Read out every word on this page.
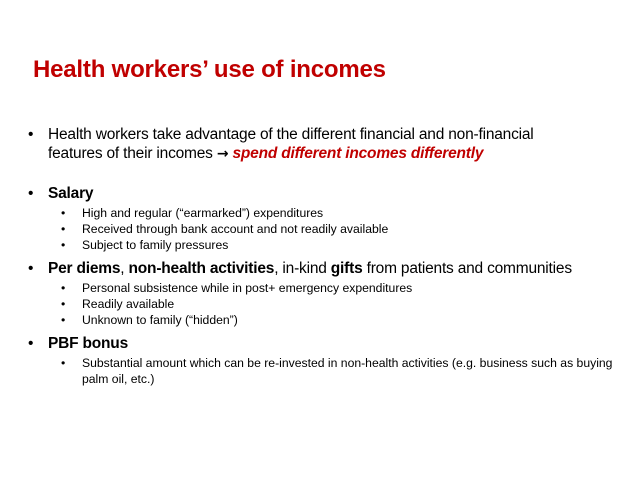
Health workers’ use of incomes
• Health workers take advantage of the different financial and non-financial features of their incomes → spend different incomes differently
• Salary
• High and regular (“earmarked”) expenditures
• Received through bank account and not readily available
• Subject to family pressures
• Per diems, non-health activities, in-kind gifts from patients and communities
• Personal subsistence while in post+ emergency expenditures
• Readily available
• Unknown to family (“hidden”)
• PBF bonus
• Substantial amount which can be re-invested in non-health activities (e.g. business such as buying palm oil, etc.)
